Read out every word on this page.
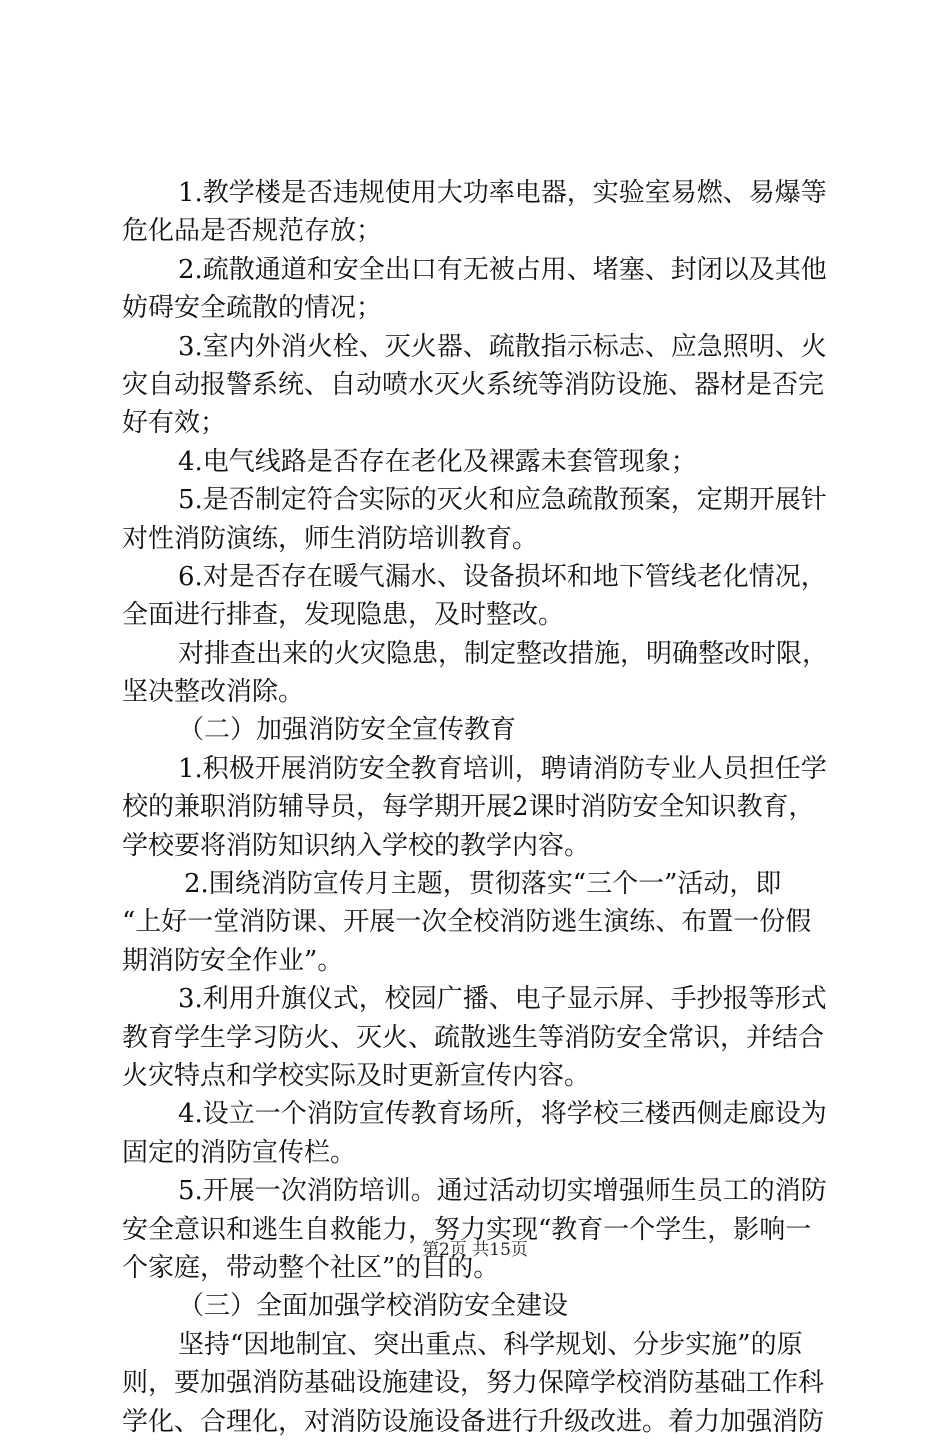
1.教学楼是否违规使用大功率电器，实验室易燃、易爆等
危化品是否规范存放；
2.疏散通道和安全出口有无被占用、堵塞、封闭以及其他
妨碍安全疏散的情况；
3.室内外消火栓、灭火器、疏散指示标志、应急照明、火
灾自动报警系统、自动喷水灭火系统等消防设施、器材是否完
好有效；
4.电气线路是否存在老化及裸露未套管现象；
5.是否制定符合实际的灭火和应急疏散预案，定期开展针
对性消防演练，师生消防培训教育。
6.对是否存在暖气漏水、设备损坏和地下管线老化情况，
全面进行排查，发现隐患，及时整改。
对排查出来的火灾隐患，制定整改措施，明确整改时限，
坚决整改消除。
（二）加强消防安全宣传教育
1.积极开展消防安全教育培训，聘请消防专业人员担任学
校的兼职消防辅导员，每学期开展2课时消防安全知识教育，
学校要将消防知识纳入学校的教学内容。
2.围绕消防宣传月主题，贯彻落实“三个一”活动，即
“上好一堂消防课、开展一次全校消防逃生演练、布置一份假
期消防安全作业”。
3.利用升旗仪式，校园广播、电子显示屏、手抄报等形式
教育学生学习防火、灭火、疏散逃生等消防安全常识，并结合
火灾特点和学校实际及时更新宣传内容。
4.设立一个消防宣传教育场所，将学校三楼西侧走廊设为
固定的消防宣传栏。
5.开展一次消防培训。通过活动切实增强师生员工的消防
安全意识和逃生自救能力，努力实现“教育一个学生，影响一
个家庭，带动整个社区”的目的。
（三）全面加强学校消防安全建设
坚持“因地制宜、突出重点、科学规划、分步实施”的原
则，要加强消防基础设施建设，努力保障学校消防基础工作科
学化、合理化，对消防设施设备进行升级改进。着力加强消防
第2页 共15页
